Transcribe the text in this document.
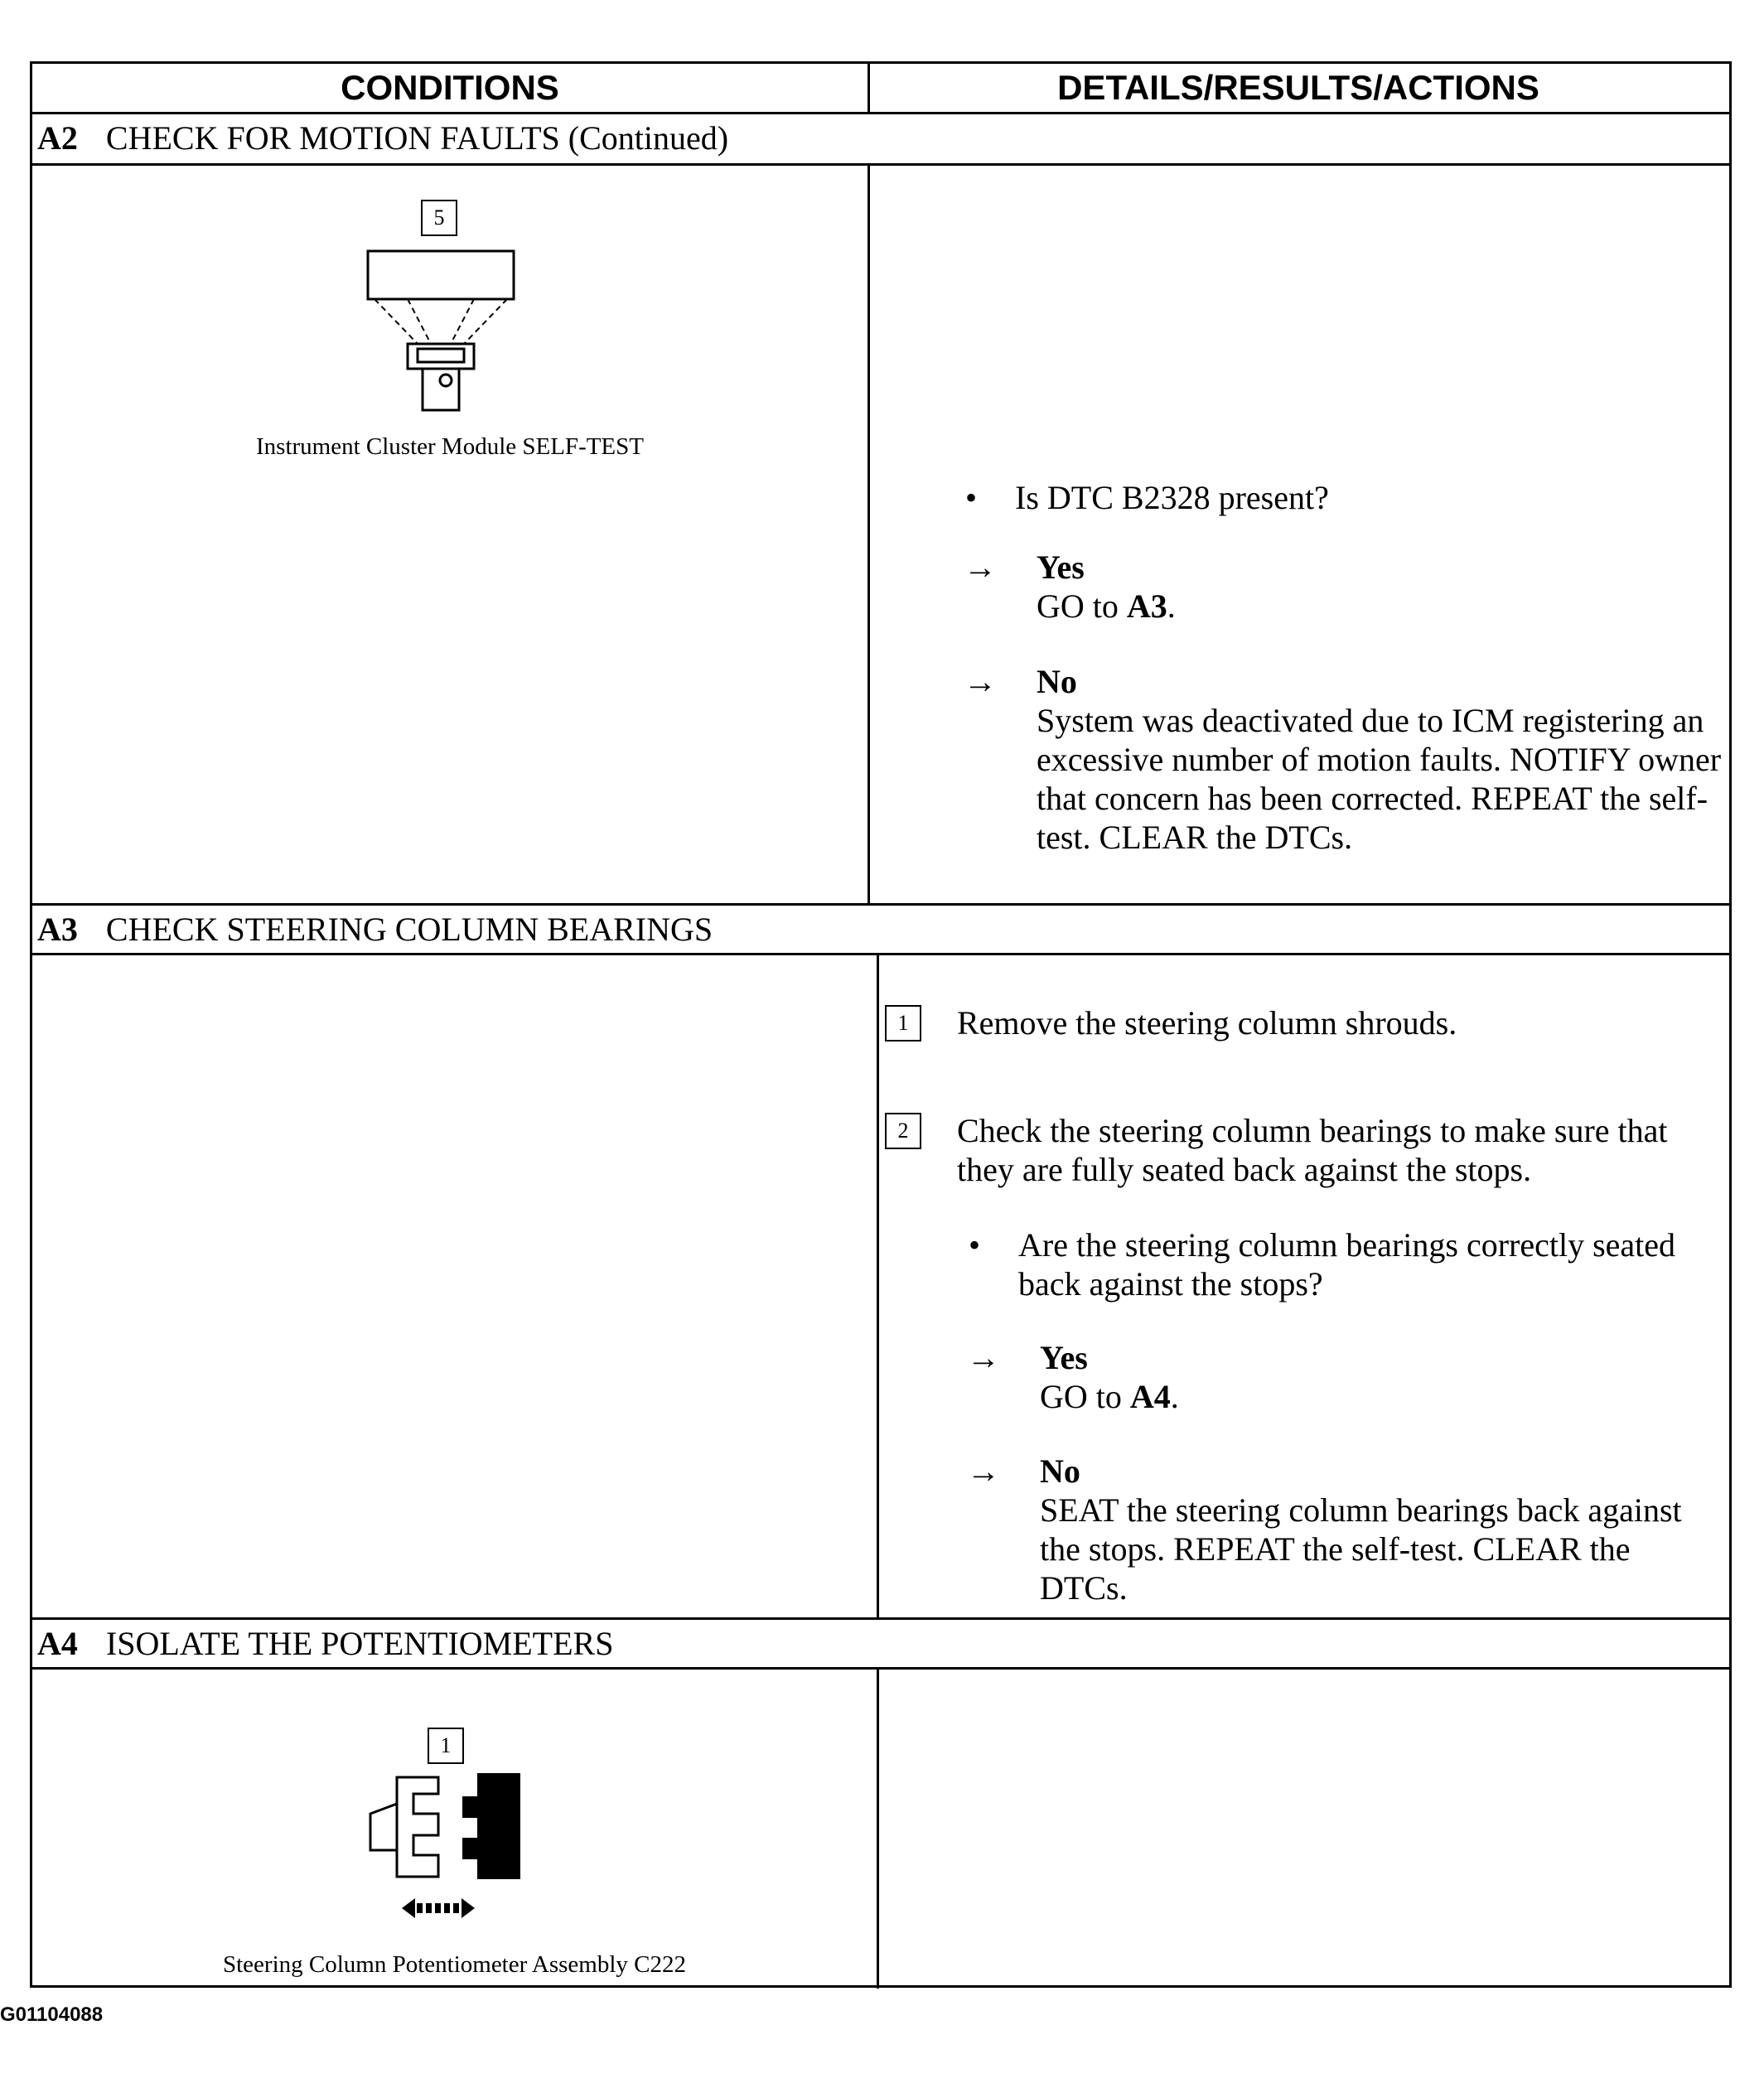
CONDITIONS	DETAILS/RESULTS/ACTIONS
A2 CHECK FOR MOTION FAULTS (Continued)
5
Instrument Cluster Module SELF-TEST
• Is DTC B2328 present?
→ Yes
GO to A3.
→ No
System was deactivated due to ICM registering an excessive number of motion faults. NOTIFY owner that concern has been corrected. REPEAT the self-test. CLEAR the DTCs.
A3 CHECK STEERING COLUMN BEARINGS
1	Remove the steering column shrouds.
2	Check the steering column bearings to make sure that they are fully seated back against the stops.
• Are the steering column bearings correctly seated back against the stops?
→ Yes
GO to A4.
→ No
SEAT the steering column bearings back against the stops. REPEAT the self-test. CLEAR the DTCs.
A4 ISOLATE THE POTENTIOMETERS
1
Steering Column Potentiometer Assembly C222
G01104088
